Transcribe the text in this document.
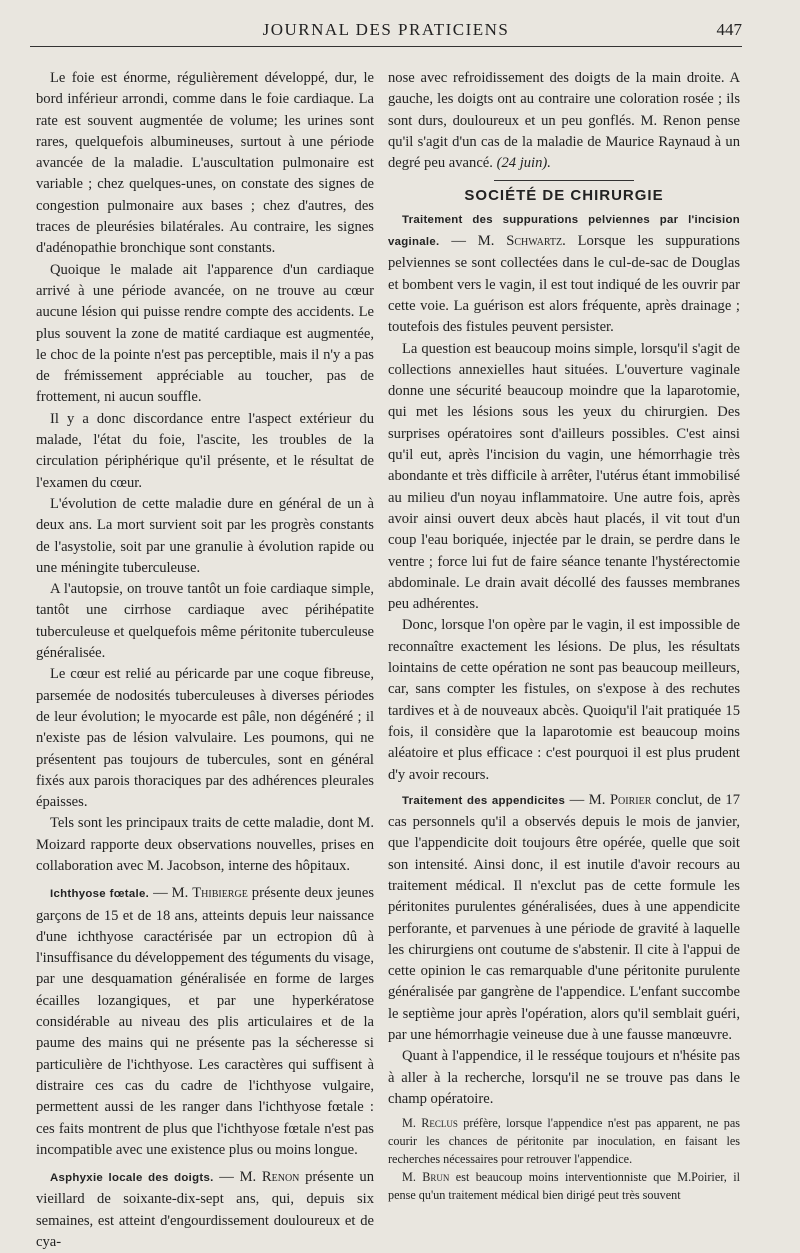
JOURNAL DES PRATICIENS	447

Le foie est énorme, régulièrement développé, dur, le bord inférieur arrondi, comme dans le foie cardiaque. La rate est souvent augmentée de volume; les urines sont rares, quelquefois albumineuses, surtout à une période avancée de la maladie. L'auscultation pulmonaire est variable ; chez quelques-unes, on constate des signes de congestion pulmonaire aux bases ; chez d'autres, des traces de pleurésies bilatérales. Au contraire, les signes d'adénopathie bronchique sont constants.

Quoique le malade ait l'apparence d'un cardiaque arrivé à une période avancée, on ne trouve au cœur aucune lésion qui puisse rendre compte des accidents. Le plus souvent la zone de matité cardiaque est augmentée, le choc de la pointe n'est pas perceptible, mais il n'y a pas de frémissement appréciable au toucher, pas de frottement, ni aucun souffle.

Il y a donc discordance entre l'aspect extérieur du malade, l'état du foie, l'ascite, les troubles de la circulation périphérique qu'il présente, et le résultat de l'examen du cœur.

L'évolution de cette maladie dure en général de un à deux ans. La mort survient soit par les progrès constants de l'asystolie, soit par une granulie à évolution rapide ou une méningite tuberculeuse.

A l'autopsie, on trouve tantôt un foie cardiaque simple, tantôt une cirrhose cardiaque avec périhépatite tuberculeuse et quelquefois même péritonite tuberculeuse généralisée.

Le cœur est relié au péricarde par une coque fibreuse, parsemée de nodosités tuberculeuses à diverses périodes de leur évolution; le myocarde est pâle, non dégénéré ; il n'existe pas de lésion valvulaire. Les poumons, qui ne présentent pas toujours de tubercules, sont en général fixés aux parois thoraciques par des adhérences pleurales épaisses.

Tels sont les principaux traits de cette maladie, dont M. Moizard rapporte deux observations nouvelles, prises en collaboration avec M. Jacobson, interne des hôpitaux.

Ichthyose fœtale. — M. Thibierge présente deux jeunes garçons de 15 et de 18 ans, atteints depuis leur naissance d'une ichthyose caractérisée par un ectropion dû à l'insuffisance du développement des téguments du visage, par une desquamation généralisée en forme de larges écailles lozangiques, et par une hyperkératose considérable au niveau des plis articulaires et de la paume des mains qui ne présente pas la sécheresse si particulière de l'ichthyose. Les caractères qui suffisent à distraire ces cas du cadre de l'ichthyose vulgaire, permettent aussi de les ranger dans l'ichthyose fœtale : ces faits montrent de plus que l'ichthyose fœtale n'est pas incompatible avec une existence plus ou moins longue.

Asphyxie locale des doigts. — M. Renon présente un vieillard de soixante-dix-sept ans, qui, depuis six semaines, est atteint d'engourdissement douloureux et de cya-

nose avec refroidissement des doigts de la main droite. A gauche, les doigts ont au contraire une coloration rosée ; ils sont durs, douloureux et un peu gonflés. M. Renon pense qu'il s'agit d'un cas de la maladie de Maurice Raynaud à un degré peu avancé. (24 juin).

SOCIÉTÉ DE CHIRURGIE

Traitement des suppurations pelviennes par l'incision vaginale. — M. Schwartz. Lorsque les suppurations pelviennes se sont collectées dans le cul-de-sac de Douglas et bombent vers le vagin, il est tout indiqué de les ouvrir par cette voie. La guérison est alors fréquente, après drainage ; toutefois des fistules peuvent persister.

La question est beaucoup moins simple, lorsqu'il s'agit de collections annexielles haut situées. L'ouverture vaginale donne une sécurité beaucoup moindre que la laparotomie, qui met les lésions sous les yeux du chirurgien. Des surprises opératoires sont d'ailleurs possibles. C'est ainsi qu'il eut, après l'incision du vagin, une hémorrhagie très abondante et très difficile à arrêter, l'utérus étant immobilisé au milieu d'un noyau inflammatoire. Une autre fois, après avoir ainsi ouvert deux abcès haut placés, il vit tout d'un coup l'eau boriquée, injectée par le drain, se perdre dans le ventre ; force lui fut de faire séance tenante l'hystérectomie abdominale. Le drain avait décollé des fausses membranes peu adhérentes.

Donc, lorsque l'on opère par le vagin, il est impossible de reconnaître exactement les lésions. De plus, les résultats lointains de cette opération ne sont pas beaucoup meilleurs, car, sans compter les fistules, on s'expose à des rechutes tardives et à de nouveaux abcès. Quoiqu'il l'ait pratiquée 15 fois, il considère que la laparotomie est beaucoup moins aléatoire et plus efficace : c'est pourquoi il est plus prudent d'y avoir recours.

Traitement des appendicites — M. Poirier conclut, de 17 cas personnels qu'il a observés depuis le mois de janvier, que l'appendicite doit toujours être opérée, quelle que soit son intensité. Ainsi donc, il est inutile d'avoir recours au traitement médical. Il n'exclut pas de cette formule les péritonites purulentes généralisées, dues à une appendicite perforante, et parvenues à une période de gravité à laquelle les chirurgiens ont coutume de s'abstenir. Il cite à l'appui de cette opinion le cas remarquable d'une péritonite purulente généralisée par gangrène de l'appendice. L'enfant succombe le septième jour après l'opération, alors qu'il semblait guéri, par une hémorrhagie veineuse due à une fausse manœuvre.

Quant à l'appendice, il le resséque toujours et n'hésite pas à aller à la recherche, lorsqu'il ne se trouve pas dans le champ opératoire.

M. Reclus préfère, lorsque l'appendice n'est pas apparent, ne pas courir les chances de péritonite par inoculation, en faisant les recherches nécessaires pour retrouver l'appendice.

M. Brun est beaucoup moins interventionniste que M.Poirier, il pense qu'un traitement médical bien dirigé peut très souvent
